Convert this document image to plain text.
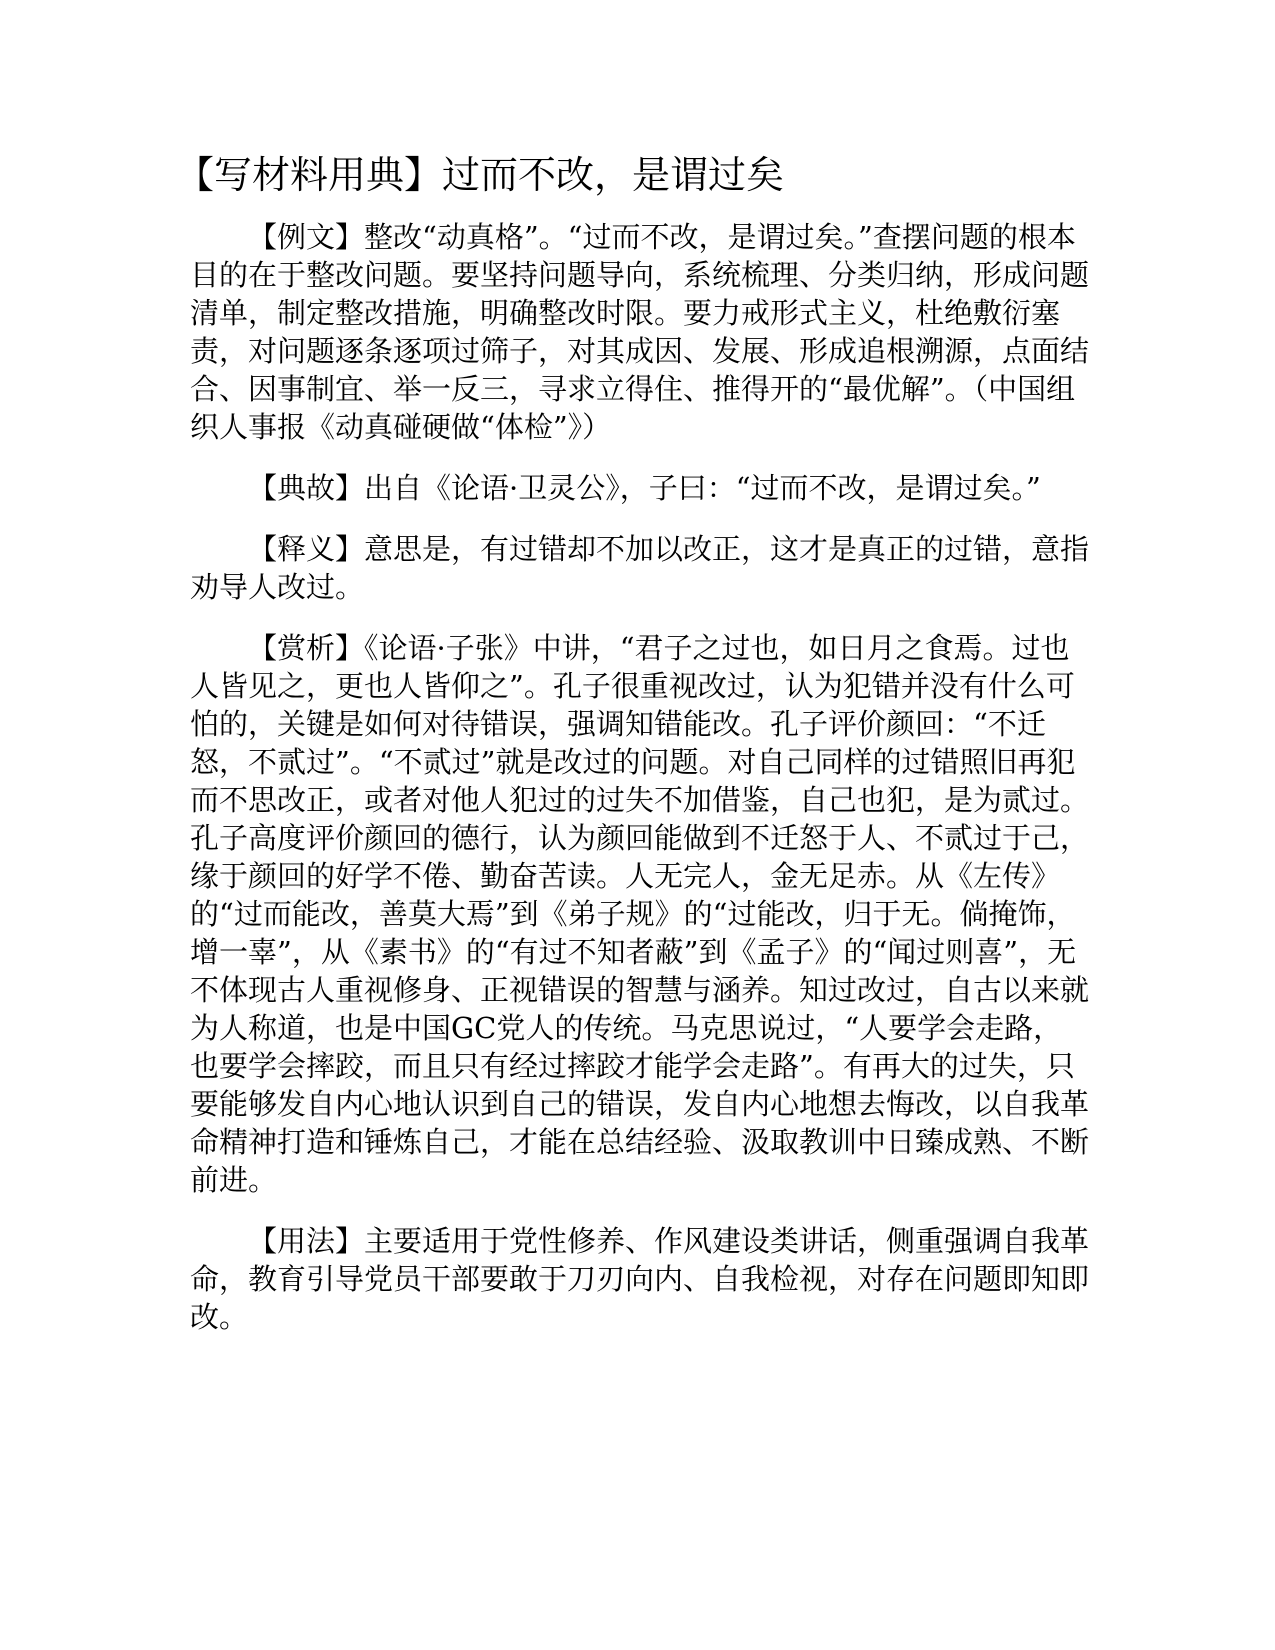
【写材料用典】过而不改，是谓过矣

【例文】整改“动真格”。“过而不改，是谓过矣。”查摆问题的根本目的在于整改问题。要坚持问题导向，系统梳理、分类归纳，形成问题清单，制定整改措施，明确整改时限。要力戒形式主义，杜绝敷衍塞责，对问题逐条逐项过筛子，对其成因、发展、形成追根溯源，点面结合、因事制宜、举一反三，寻求立得住、推得开的“最优解”。（中国组织人事报《动真碰硬做“体检”》）

【典故】出自《论语·卫灵公》，子曰：“过而不改，是谓过矣。”

【释义】意思是，有过错却不加以改正，这才是真正的过错，意指劝导人改过。

【赏析】《论语·子张》中讲，“君子之过也，如日月之食焉。过也人皆见之，更也人皆仰之”。孔子很重视改过，认为犯错并没有什么可怕的，关键是如何对待错误，强调知错能改。孔子评价颜回：“不迁怒，不贰过”。“不贰过”就是改过的问题。对自己同样的过错照旧再犯而不思改正，或者对他人犯过的过失不加借鉴，自己也犯，是为贰过。孔子高度评价颜回的德行，认为颜回能做到不迁怒于人、不贰过于己，缘于颜回的好学不倦、勤奋苦读。人无完人，金无足赤。从《左传》的“过而能改，善莫大焉”到《弟子规》的“过能改，归于无。倘掩饰，增一辜”，从《素书》的“有过不知者蔽”到《孟子》的“闻过则喜”，无不体现古人重视修身、正视错误的智慧与涵养。知过改过，自古以来就为人称道，也是中国GC党人的传统。马克思说过，“人要学会走路，也要学会摔跤，而且只有经过摔跤才能学会走路”。有再大的过失，只要能够发自内心地认识到自己的错误，发自内心地想去悔改，以自我革命精神打造和锤炼自己，才能在总结经验、汲取教训中日臻成熟、不断前进。

【用法】主要适用于党性修养、作风建设类讲话，侧重强调自我革命，教育引导党员干部要敢于刀刃向内、自我检视，对存在问题即知即改。
